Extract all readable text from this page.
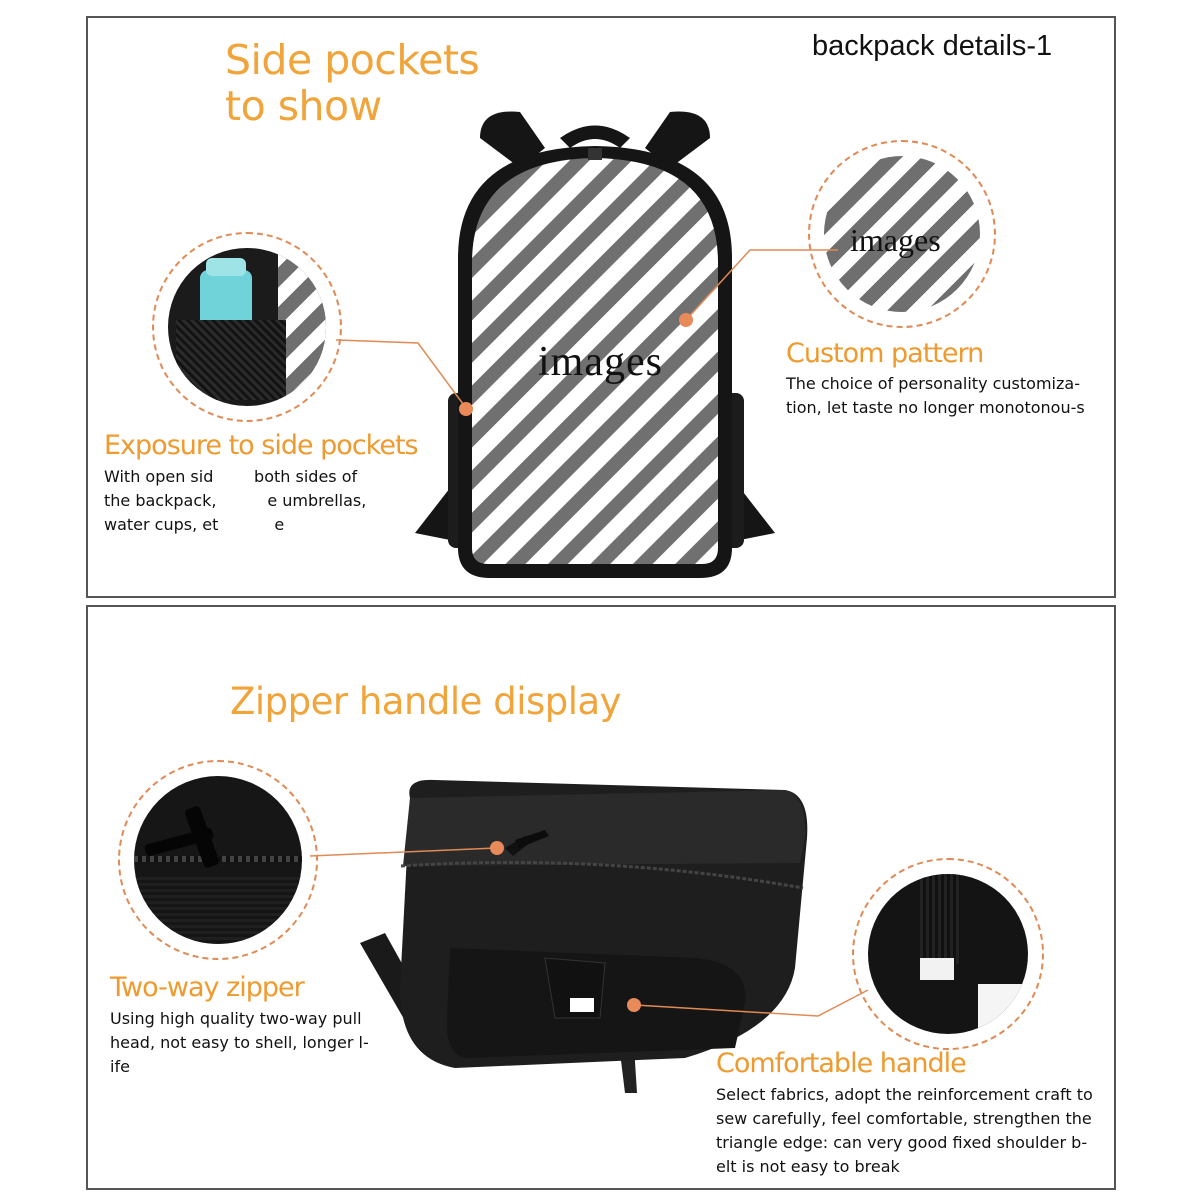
backpack details-1
Side pockets
to show
images
Exposure to side pockets
With open sid        both sides of
the backpack,          e umbrellas,
water cups, et           e
images
Custom pattern
The choice of personality customiza-
tion, let taste no longer monotonou-s
Zipper handle display
Two-way zipper
Using high quality two-way pull
head, not easy to shell, longer l-
ife	Comfortable handle
Select fabrics, adopt the reinforcement craft to
sew carefully, feel comfortable, strengthen the
triangle edge: can very good fixed shoulder b-
elt is not easy to break
